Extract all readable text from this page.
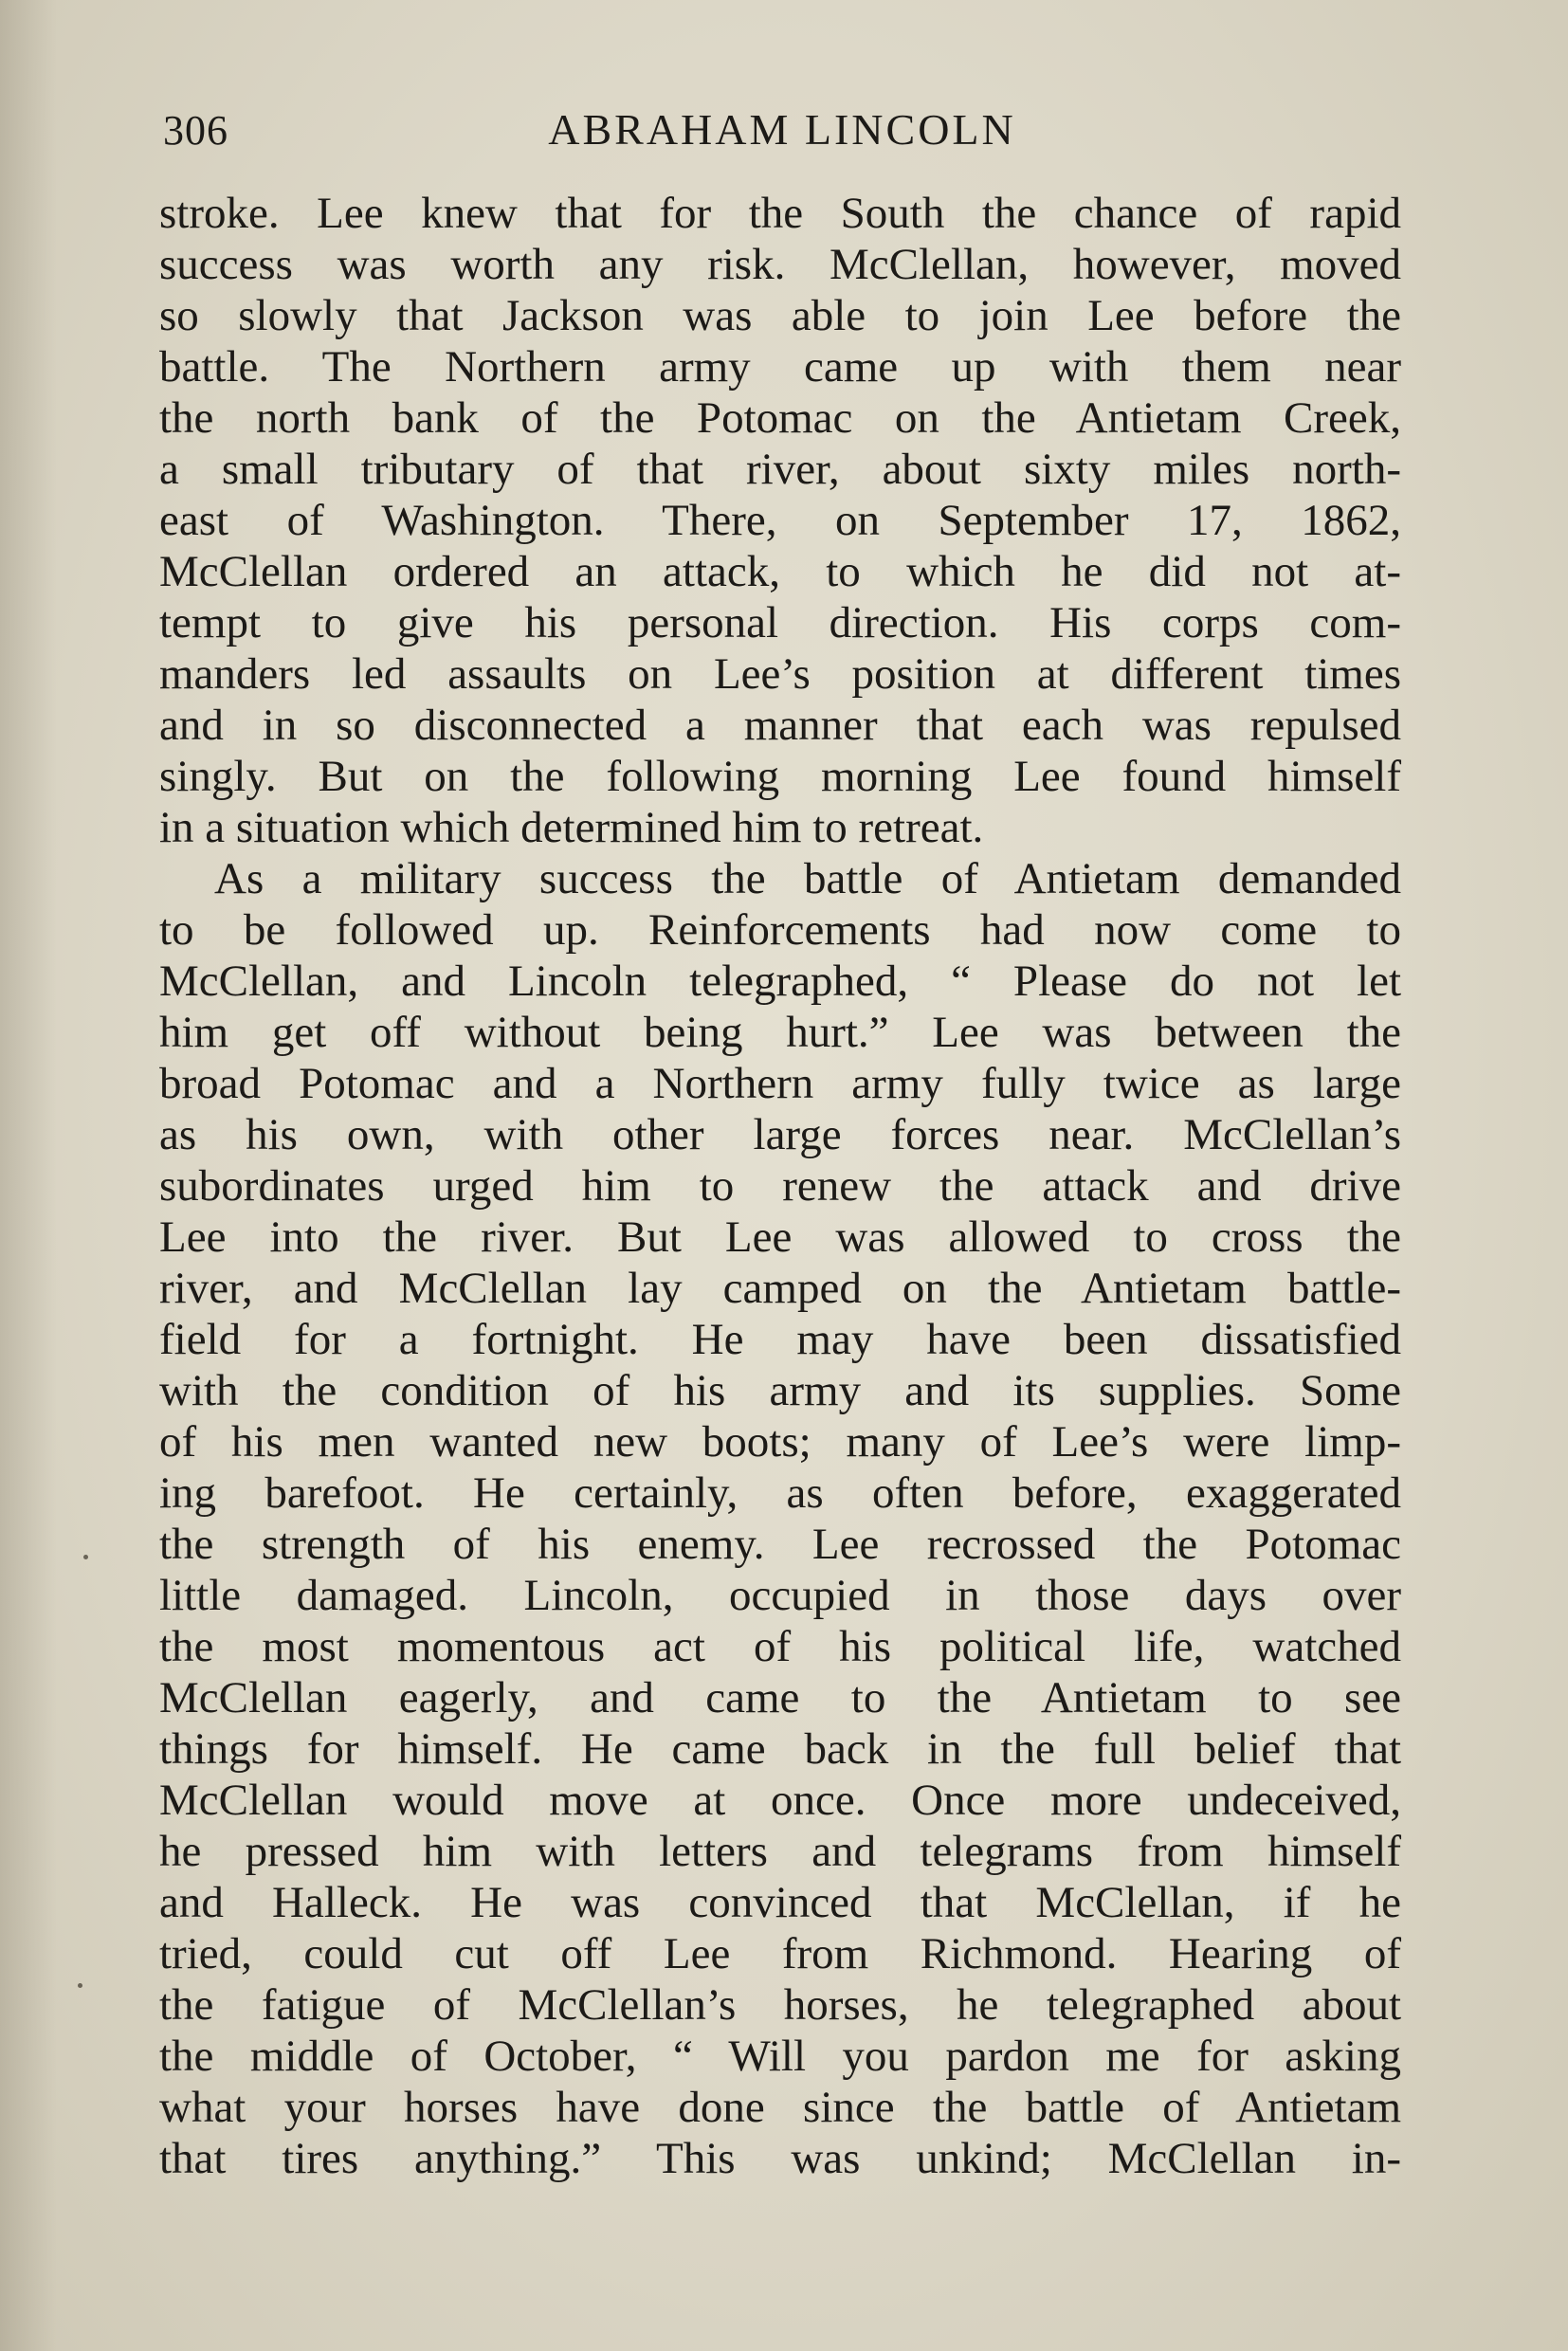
306	ABRAHAM LINCOLN
stroke. Lee knew that for the South the chance of rapid
success was worth any risk. McClellan, however, moved
so slowly that Jackson was able to join Lee before the
battle. The Northern army came up with them near
the north bank of the Potomac on the Antietam Creek,
a small tributary of that river, about sixty miles north-
east of Washington. There, on September 17, 1862,
McClellan ordered an attack, to which he did not at-
tempt to give his personal direction. His corps com-
manders led assaults on Lee’s position at different times
and in so disconnected a manner that each was repulsed
singly. But on the following morning Lee found himself
in a situation which determined him to retreat.
As a military success the battle of Antietam demanded
to be followed up. Reinforcements had now come to
McClellan, and Lincoln telegraphed, “ Please do not let
him get off without being hurt.” Lee was between the
broad Potomac and a Northern army fully twice as large
as his own, with other large forces near. McClellan’s
subordinates urged him to renew the attack and drive
Lee into the river. But Lee was allowed to cross the
river, and McClellan lay camped on the Antietam battle-
field for a fortnight. He may have been dissatisfied
with the condition of his army and its supplies. Some
of his men wanted new boots; many of Lee’s were limp-
ing barefoot. He certainly, as often before, exaggerated
the strength of his enemy. Lee recrossed the Potomac
little damaged. Lincoln, occupied in those days over
the most momentous act of his political life, watched
McClellan eagerly, and came to the Antietam to see
things for himself. He came back in the full belief that
McClellan would move at once. Once more undeceived,
he pressed him with letters and telegrams from himself
and Halleck. He was convinced that McClellan, if he
tried, could cut off Lee from Richmond. Hearing of
the fatigue of McClellan’s horses, he telegraphed about
the middle of October, “ Will you pardon me for asking
what your horses have done since the battle of Antietam
that tires anything.” This was unkind; McClellan in-
